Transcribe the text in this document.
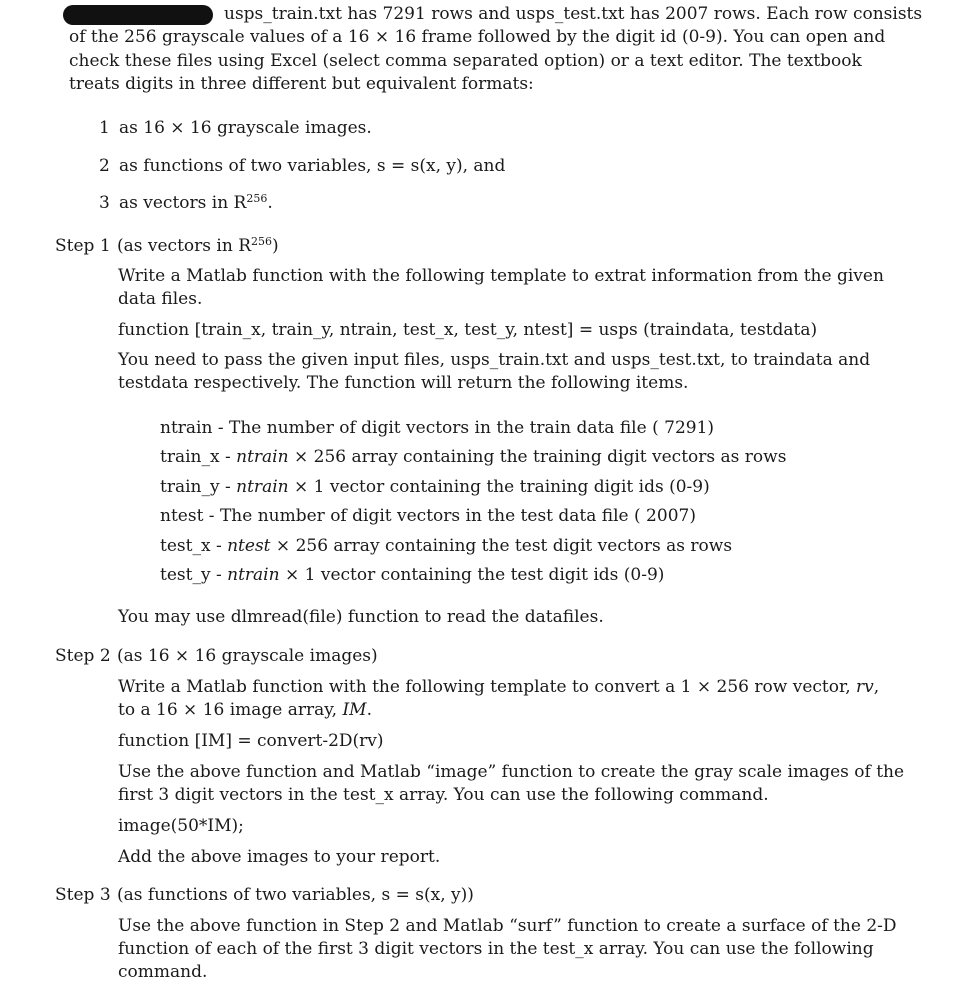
usps_train.txt has 7291 rows and usps_test.txt has 2007 rows. Each row consists
of the 256 grayscale values of a 16 × 16 frame followed by the digit id (0-9). You can open and
check these files using Excel (select comma separated option) or a text editor. The textbook
treats digits in three different but equivalent formats:
1 as 16 × 16 grayscale images.
2 as functions of two variables, s = s(x, y), and
3 as vectors in $R^{256}$.
Step 1 (as vectors in $R^{256}$)
Write a Matlab function with the following template to extrat information from the given
data files.
function [train_x, train_y, ntrain, test_x, test_y, ntest] = usps (traindata, testdata)
You need to pass the given input files, usps_train.txt and usps_test.txt, to traindata and
testdata respectively. The function will return the following items.
ntrain - The number of digit vectors in the train data file ( 7291)
train_x - ntrain × 256 array containing the training digit vectors as rows
train_y - ntrain × 1 vector containing the training digit ids (0-9)
ntest - The number of digit vectors in the test data file ( 2007)
test_x - ntest × 256 array containing the test digit vectors as rows
test_y - ntrain × 1 vector containing the test digit ids (0-9)
You may use dlmread(file) function to read the datafiles.
Step 2 (as 16 × 16 grayscale images)
Write a Matlab function with the following template to convert a 1 × 256 row vector, rv,
to a 16 × 16 image array, IM.
function [IM] = convert-2D(rv)
Use the above function and Matlab “image” function to create the gray scale images of the
first 3 digit vectors in the test_x array. You can use the following command.
image(50*IM);
Add the above images to your report.
Step 3 (as functions of two variables, s = s(x, y))
Use the above function in Step 2 and Matlab “surf” function to create a surface of the 2-D
function of each of the first 3 digit vectors in the test_x array. You can use the following
command.
